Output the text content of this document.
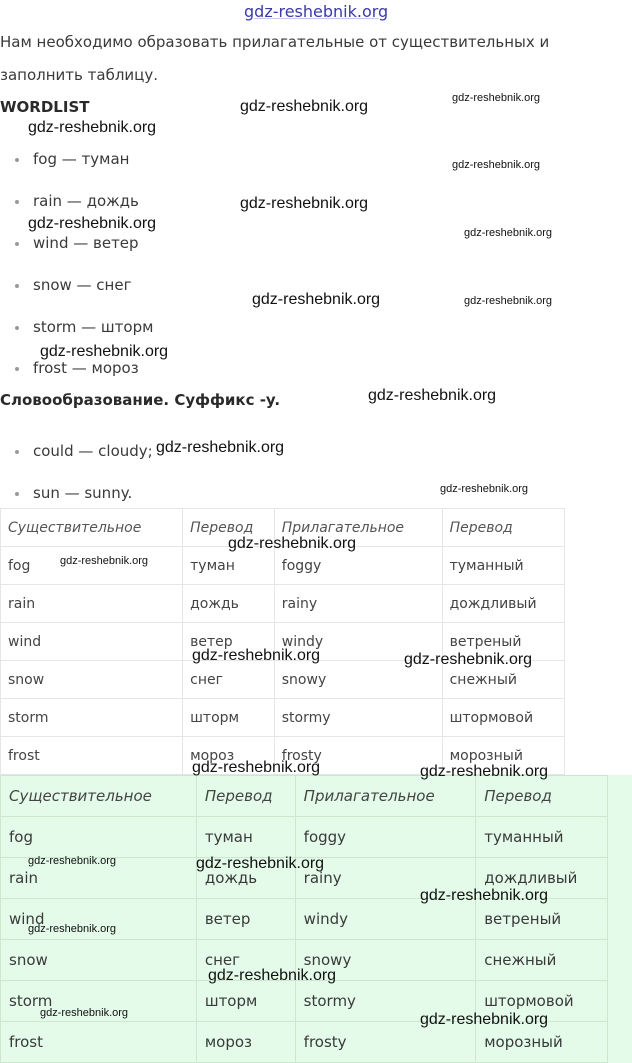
gdz-reshebnik.org
Нам необходимо образовать прилагательные от существительных и
заполнить таблицу.
WORDLIST
fog — туман
rain — дождь
wind — ветер
snow — снег
storm — шторм
frost — мороз
Словообразование. Суффикс -y.
could — cloudy;
sun — sunny.
Существительное	Перевод	Прилагательное	Перевод
fog	туман	foggy	туманный
rain	дождь	rainy	дождливый
wind	ветер	windy	ветреный
snow	снег	snowy	снежный
storm	шторм	stormy	штормовой
frost	мороз	frosty	морозный
Существительное	Перевод	Прилагательное	Перевод
fog	туман	foggy	туманный
rain	дождь	rainy	дождливый
wind	ветер	windy	ветреный
snow	снег	snowy	снежный
storm	шторм	stormy	штормовой
frost	мороз	frosty	морозный
gdz-reshebnik.org	gdz-reshebnik.org
gdz-reshebnik.org
gdz-reshebnik.org
gdz-reshebnik.org
gdz-reshebnik.org
gdz-reshebnik.org
gdz-reshebnik.org	gdz-reshebnik.org
gdz-reshebnik.org
gdz-reshebnik.org
gdz-reshebnik.org
gdz-reshebnik.org
gdz-reshebnik.org
gdz-reshebnik.org
gdz-reshebnik.org	gdz-reshebnik.org
gdz-reshebnik.org	gdz-reshebnik.org
gdz-reshebnik.org	gdz-reshebnik.org
gdz-reshebnik.org
gdz-reshebnik.org
gdz-reshebnik.org
gdz-reshebnik.org	gdz-reshebnik.org
